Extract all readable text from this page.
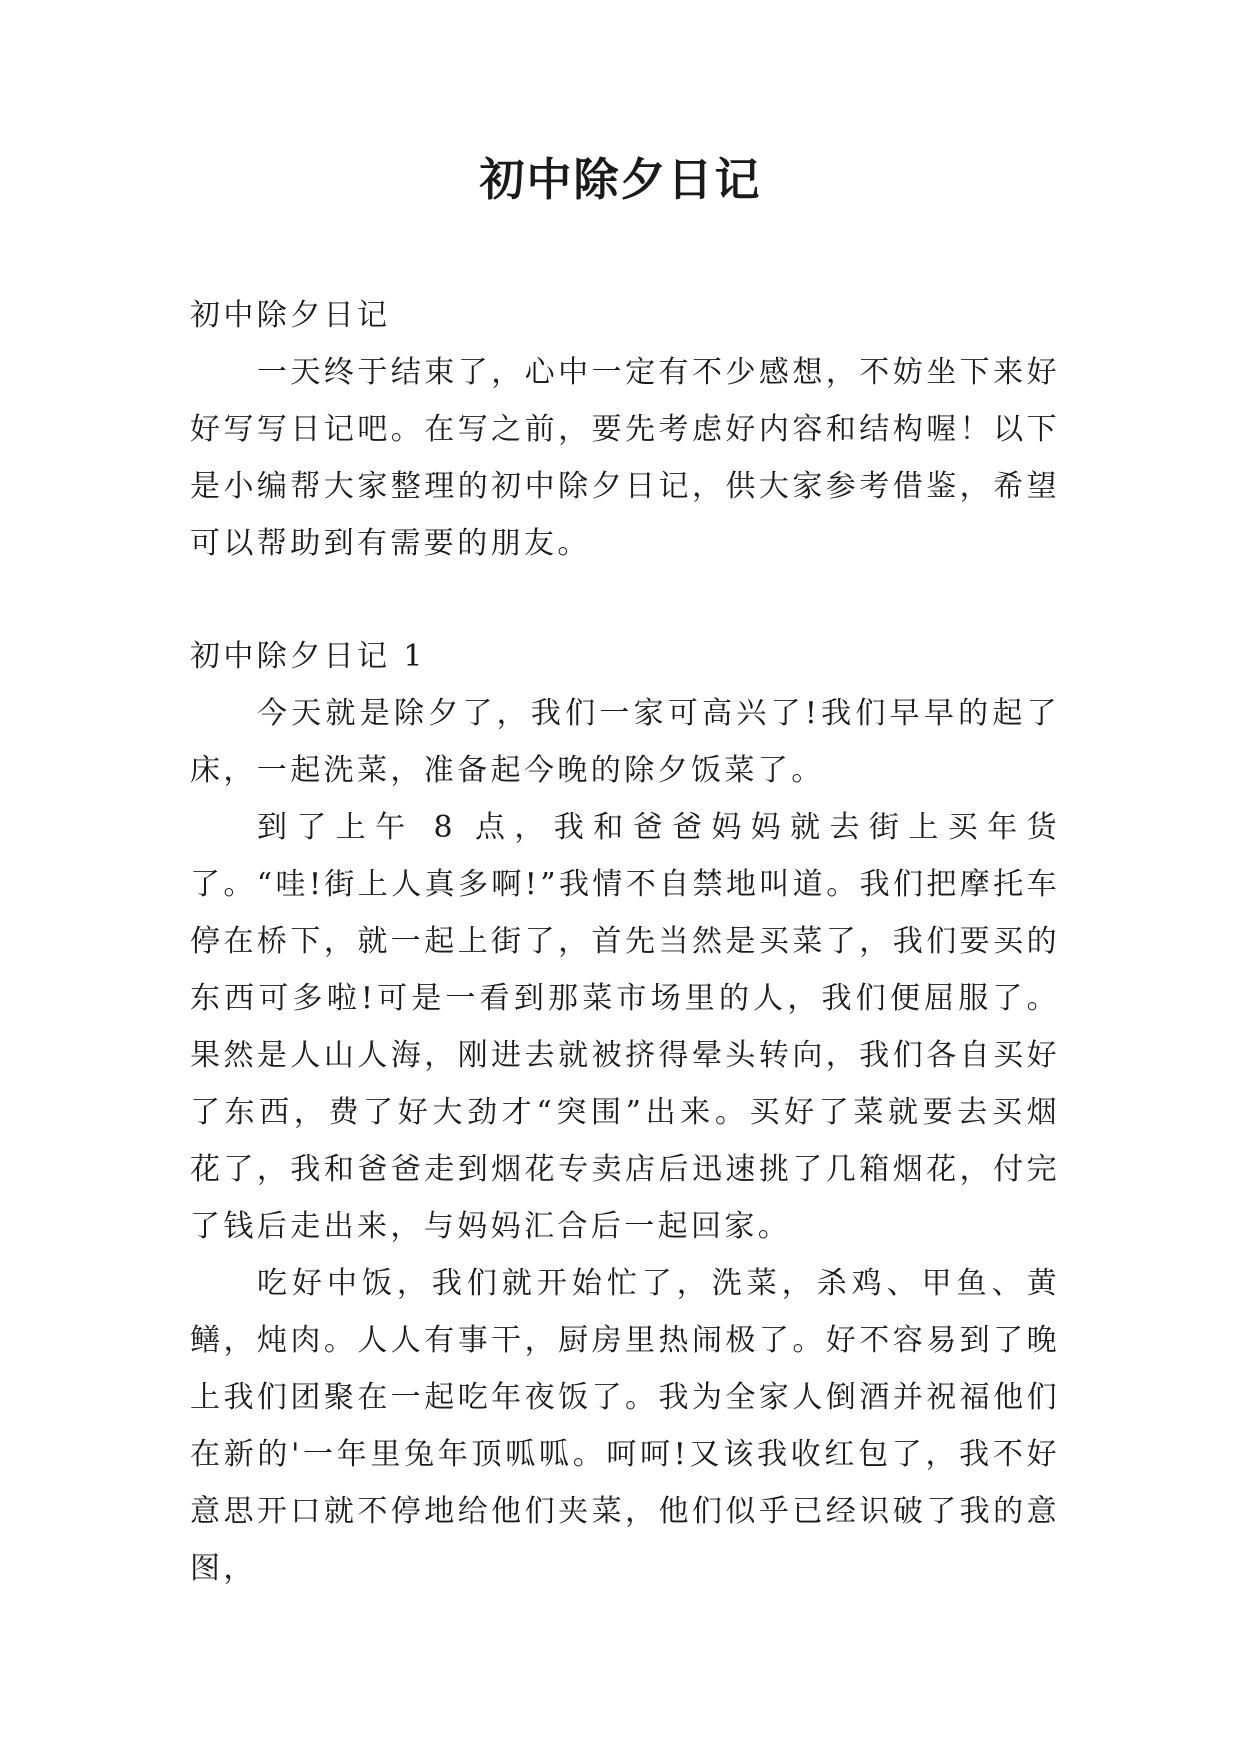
初中除夕日记

初中除夕日记

一天终于结束了，心中一定有不少感想，不妨坐下来好好写写日记吧。在写之前，要先考虑好内容和结构喔！以下是小编帮大家整理的初中除夕日记，供大家参考借鉴，希望可以帮助到有需要的朋友。

初中除夕日记 1

今天就是除夕了，我们一家可高兴了!我们早早的起了床，一起洗菜，准备起今晚的除夕饭菜了。

到了上午 8 点，我和爸爸妈妈就去街上买年货了。“哇!街上人真多啊!”我情不自禁地叫道。我们把摩托车停在桥下，就一起上街了，首先当然是买菜了，我们要买的东西可多啦!可是一看到那菜市场里的人，我们便屈服了。果然是人山人海，刚进去就被挤得晕头转向，我们各自买好了东西，费了好大劲才“突围”出来。买好了菜就要去买烟花了，我和爸爸走到烟花专卖店后迅速挑了几箱烟花，付完了钱后走出来，与妈妈汇合后一起回家。

吃好中饭，我们就开始忙了，洗菜，杀鸡、甲鱼、黄鳝，炖肉。人人有事干，厨房里热闹极了。好不容易到了晚上我们团聚在一起吃年夜饭了。我为全家人倒酒并祝福他们在新的'一年里兔年顶呱呱。呵呵!又该我收红包了，我不好意思开口就不停地给他们夹菜，他们似乎已经识破了我的意图，
